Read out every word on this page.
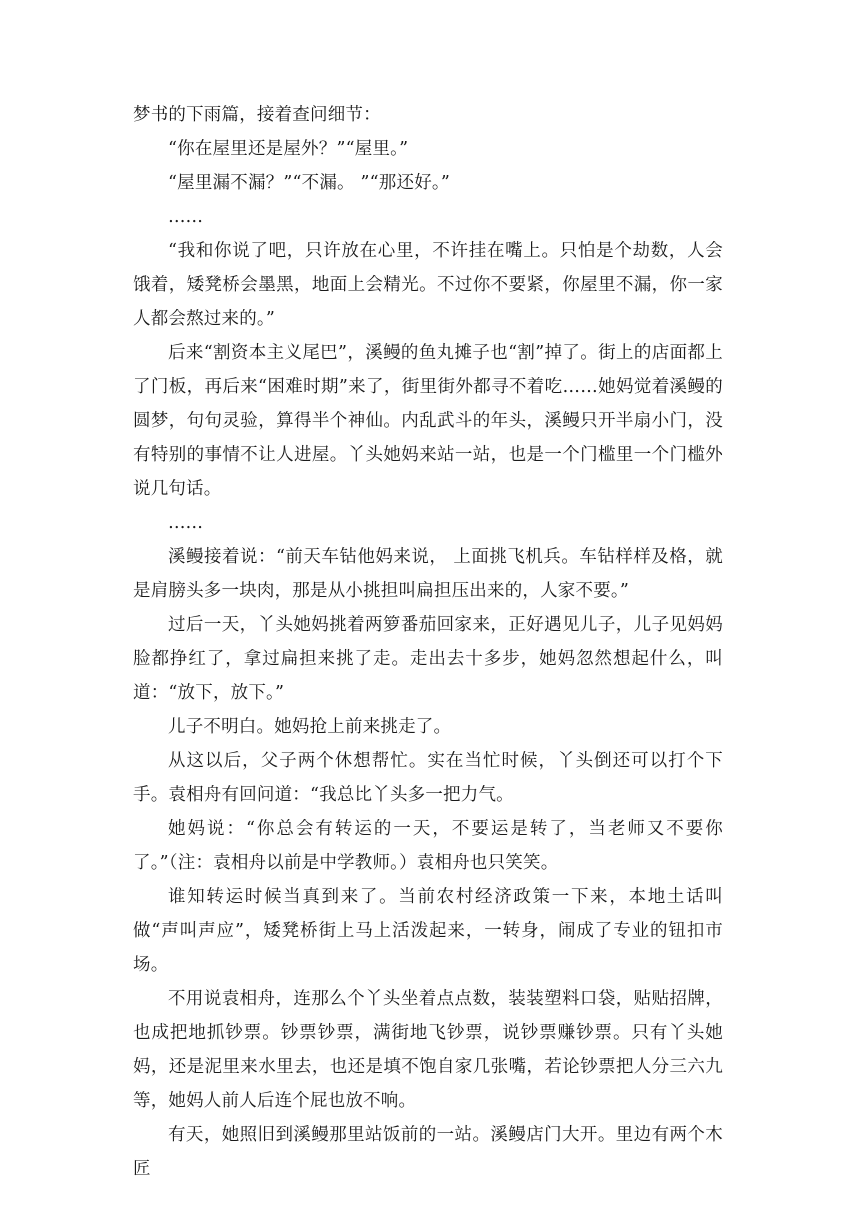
梦书的下雨篇，接着查问细节：

“你在屋里还是屋外？”“屋里。”

“屋里漏不漏？”“不漏。 ”“那还好。”

……

“我和你说了吧，只许放在心里，不许挂在嘴上。只怕是个劫数，人会饿着，矮凳桥会墨黑，地面上会精光。不过你不要紧，你屋里不漏，你一家人都会熬过来的。”

后来“割资本主义尾巴”，溪鳗的鱼丸摊子也“割”掉了。街上的店面都上了门板，再后来“困难时期”来了，街里街外都寻不着吃……她妈觉着溪鳗的圆梦，句句灵验，算得半个神仙。内乱武斗的年头，溪鳗只开半扇小门，没有特别的事情不让人进屋。丫头她妈来站一站，也是一个门槛里一个门槛外说几句话。

……

溪鳗接着说：“前天车钻他妈来说， 上面挑飞机兵。车钻样样及格，就是肩膀头多一块肉，那是从小挑担叫扁担压出来的，人家不要。”

过后一天，丫头她妈挑着两箩番茄回家来，正好遇见儿子，儿子见妈妈脸都挣红了，拿过扁担来挑了走。走出去十多步，她妈忽然想起什么，叫道：“放下，放下。”

儿子不明白。她妈抢上前来挑走了。

从这以后，父子两个休想帮忙。实在当忙时候，丫头倒还可以打个下手。袁相舟有回问道：“我总比丫头多一把力气。

她妈说：“你总会有转运的一天，不要运是转了，当老师又不要你了。”（注：袁相舟以前是中学教师。）袁相舟也只笑笑。

谁知转运时候当真到来了。当前农村经济政策一下来，本地土话叫做“声叫声应”，矮凳桥街上马上活泼起来，一转身，闹成了专业的钮扣市场。

不用说袁相舟，连那么个丫头坐着点点数，装装塑料口袋，贴贴招牌，也成把地抓钞票。钞票钞票，满街地飞钞票，说钞票赚钞票。只有丫头她妈，还是泥里来水里去，也还是填不饱自家几张嘴，若论钞票把人分三六九等，她妈人前人后连个屁也放不响。

有天，她照旧到溪鳗那里站饭前的一站。溪鳗店门大开。里边有两个木匠
